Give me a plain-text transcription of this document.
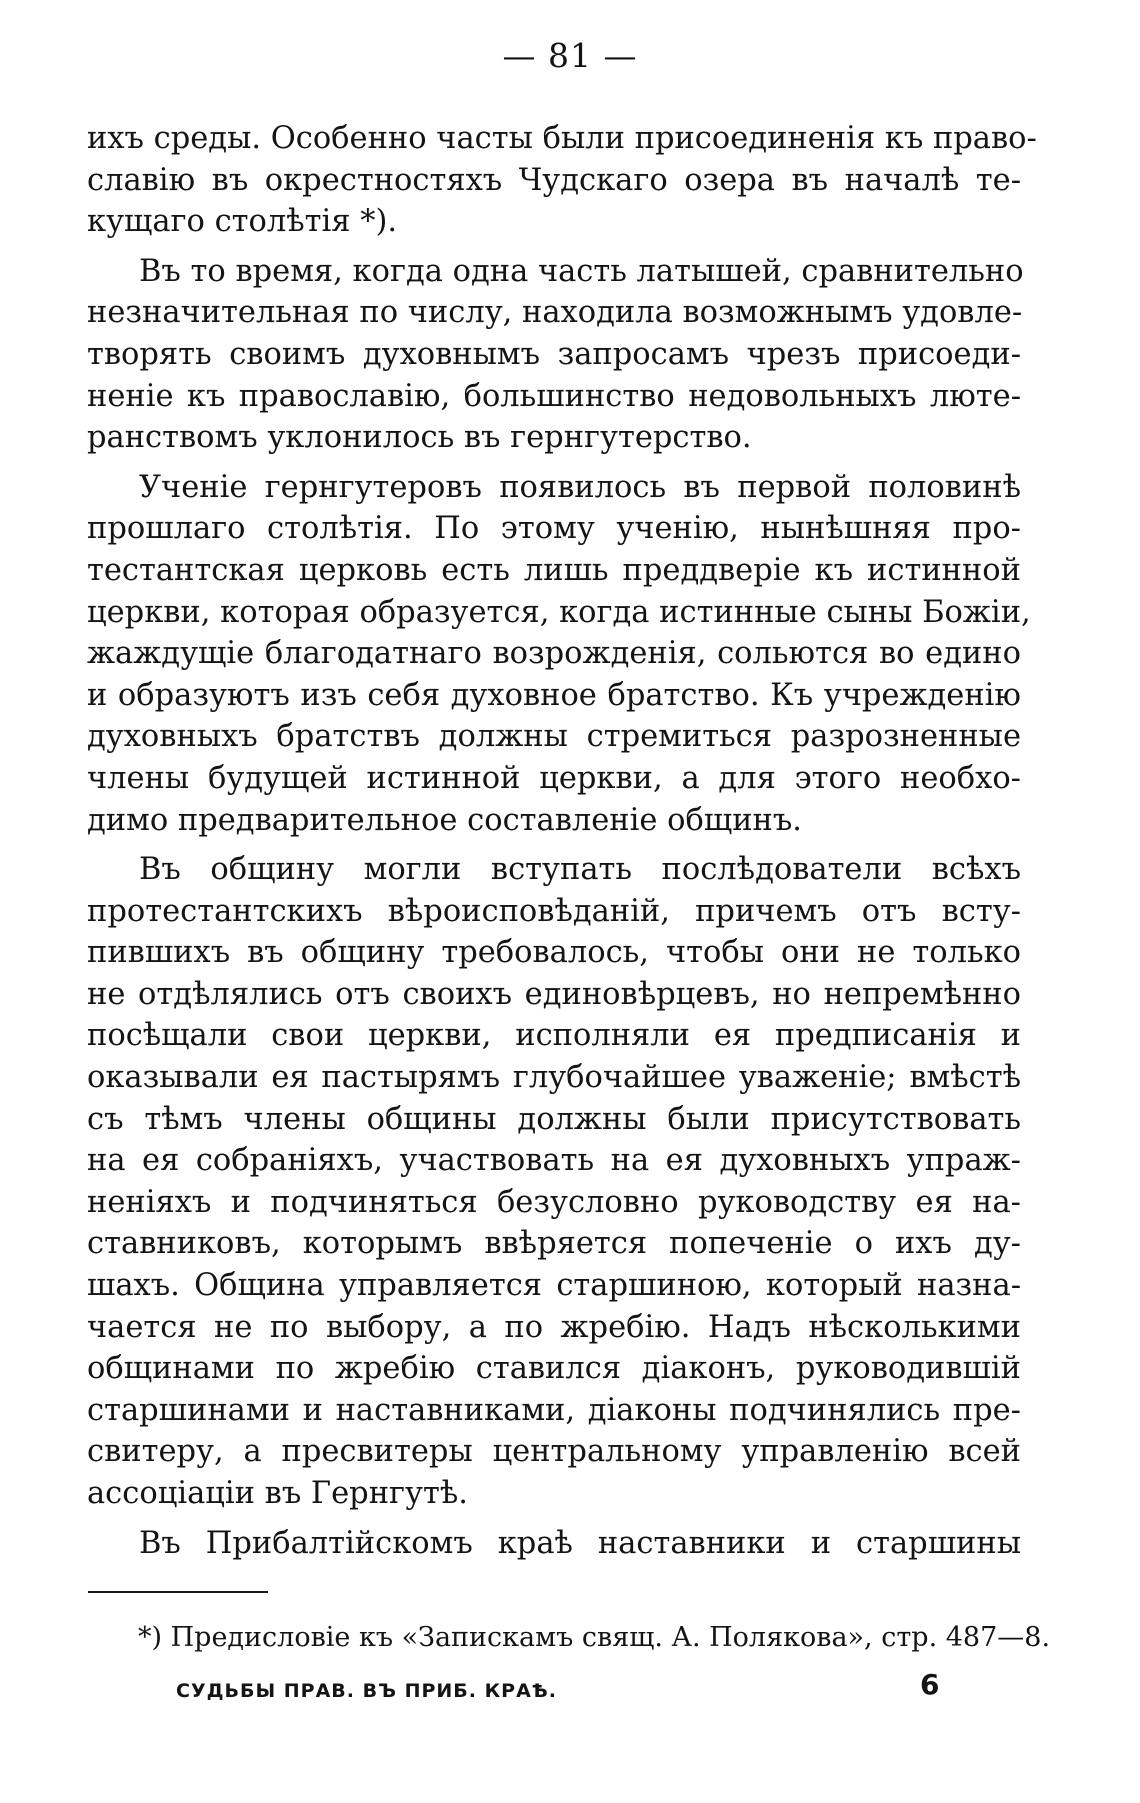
— 81 —
ихъ среды. Особенно часты были присоединенія къ право-
славію въ окрестностяхъ Чудскаго озера въ началѣ те-
кущаго столѣтія *).
Въ то время, когда одна часть латышей, сравнительно
незначительная по числу, находила возможнымъ удовле-
творять своимъ духовнымъ запросамъ чрезъ присоеди-
неніе къ православію, большинство недовольныхъ люте-
ранствомъ уклонилось въ гернгутерство.
Ученіе гернгутеровъ появилось въ первой половинѣ
прошлаго столѣтія. По этому ученію, нынѣшняя про-
тестантская церковь есть лишь преддверіе къ истинной
церкви, которая образуется, когда истинные сыны Божіи,
жаждущіе благодатнаго возрожденія, сольются во едино
и образуютъ изъ себя духовное братство. Къ учрежденію
духовныхъ братствъ должны стремиться разрозненные
члены будущей истинной церкви, а для этого необхо-
димо предварительное составленіе общинъ.
Въ общину могли вступать послѣдователи всѣхъ
протестантскихъ вѣроисповѣданій, причемъ отъ всту-
пившихъ въ общину требовалось, чтобы они не только
не отдѣлялись отъ своихъ единовѣрцевъ, но непремѣнно
посѣщали свои церкви, исполняли ея предписанія и
оказывали ея пастырямъ глубочайшее уваженіе; вмѣстѣ
съ тѣмъ члены общины должны были присутствовать
на ея собраніяхъ, участвовать на ея духовныхъ упраж-
неніяхъ и подчиняться безусловно руководству ея на-
ставниковъ, которымъ ввѣряется попеченіе о ихъ ду-
шахъ. Община управляется старшиною, который назна-
чается не по выбору, а по жребію. Надъ нѣсколькими
общинами по жребію ставился діаконъ, руководившій
старшинами и наставниками, діаконы подчинялись пре-
свитеру, а пресвитеры центральному управленію всей
ассоціаціи въ Гернгутѣ.
Въ Прибалтійскомъ краѣ наставники и старшины
*) Предисловіе къ «Запискамъ свящ. А. Полякова», стр. 487—8.
СУДЬБЫ ПРАВ. ВЪ ПРИБ. КРАѢ.	6
